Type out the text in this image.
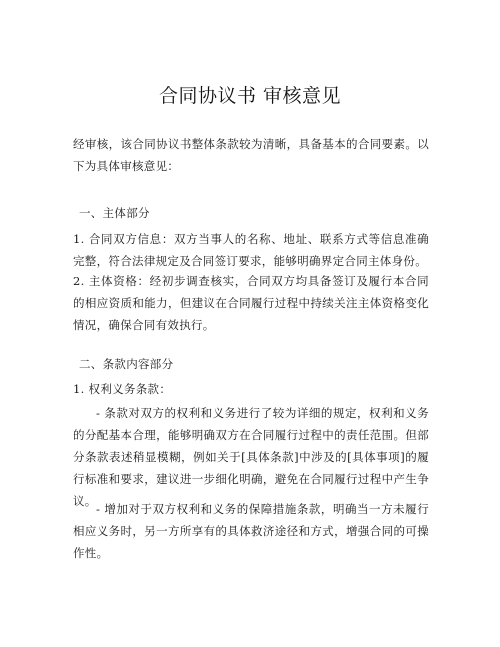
合同协议书 审核意见

经审核，该合同协议书整体条款较为清晰，具备基本的合同要素。以下为具体审核意见：

一、主体部分

1. 合同双方信息：双方当事人的名称、地址、联系方式等信息准确完整，符合法律规定及合同签订要求，能够明确界定合同主体身份。

2. 主体资格：经初步调查核实，合同双方均具备签订及履行本合同的相应资质和能力，但建议在合同履行过程中持续关注主体资格变化情况，确保合同有效执行。

二、条款内容部分

1. 权利义务条款：

- 条款对双方的权利和义务进行了较为详细的规定，权利和义务的分配基本合理，能够明确双方在合同履行过程中的责任范围。但部分条款表述稍显模糊，例如关于[具体条款]中涉及的[具体事项]的履行标准和要求，建议进一步细化明确，避免在合同履行过程中产生争议。

- 增加对于双方权利和义务的保障措施条款，明确当一方未履行相应义务时，另一方所享有的具体救济途径和方式，增强合同的可操作性。
